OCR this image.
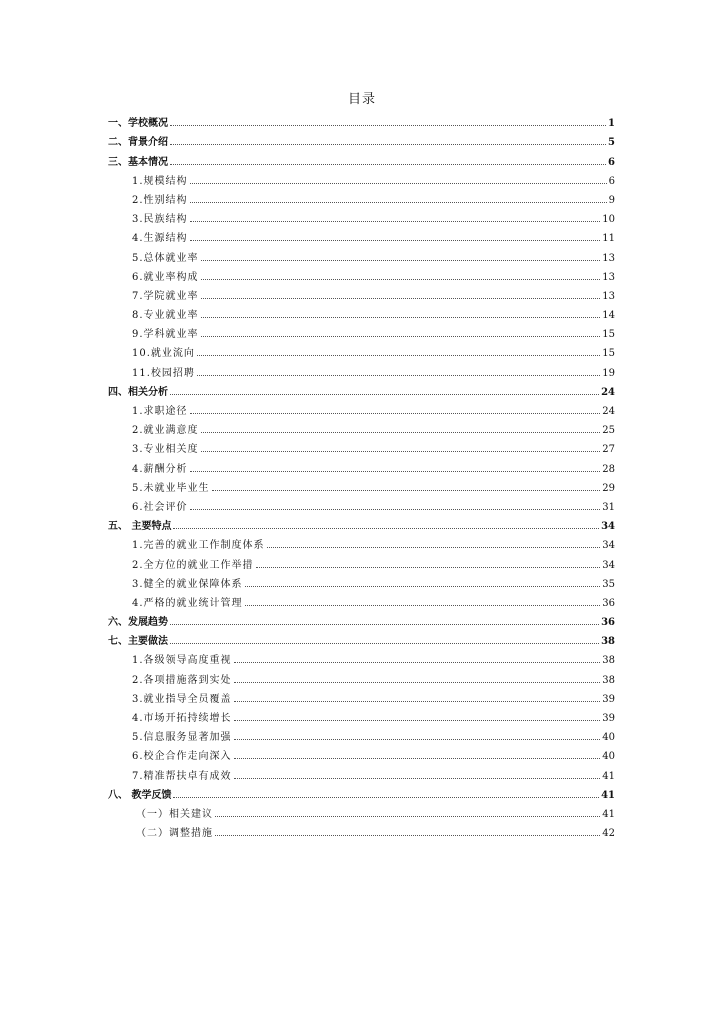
目录
一、学校概况	1
二、背景介绍	5
三、基本情况	6
1.规模结构	6
2.性别结构	9
3.民族结构	10
4.生源结构	11
5.总体就业率	13
6.就业率构成	13
7.学院就业率	13
8.专业就业率	14
9.学科就业率	15
10.就业流向	15
11.校园招聘	19
四、相关分析	24
1.求职途径	24
2.就业满意度	25
3.专业相关度	27
4.薪酬分析	28
5.未就业毕业生	29
6.社会评价	31
五、 主要特点	34
1.完善的就业工作制度体系	34
2.全方位的就业工作举措	34
3.健全的就业保障体系	35
4.严格的就业统计管理	36
六、发展趋势	36
七、主要做法	38
1.各级领导高度重视	38
2.各项措施落到实处	38
3.就业指导全员覆盖	39
4.市场开拓持续增长	39
5.信息服务显著加强	40
6.校企合作走向深入	40
7.精准帮扶卓有成效	41
八、 教学反馈	41
（一）相关建议	41
（二）调整措施	42
